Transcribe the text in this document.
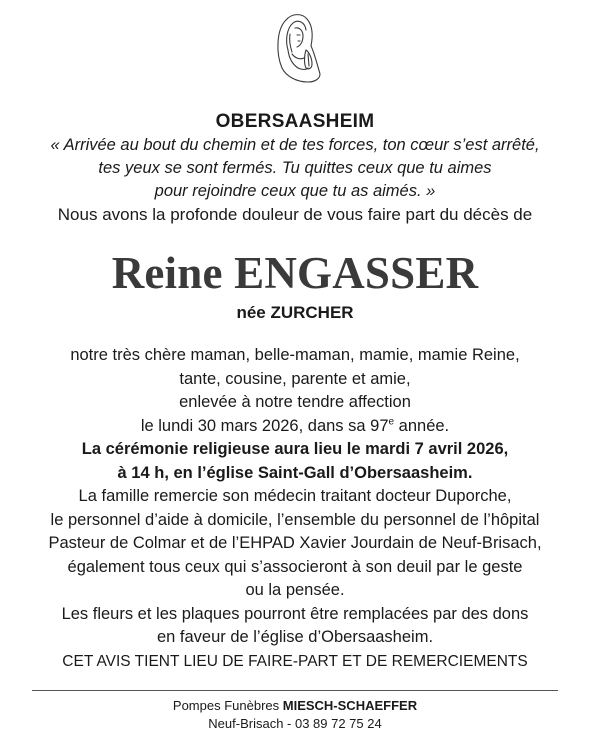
OBERSAASHEIM
« Arrivée au bout du chemin et de tes forces, ton cœur s’est arrêté,
tes yeux se sont fermés. Tu quittes ceux que tu aimes
pour rejoindre ceux que tu as aimés. »
Nous avons la profonde douleur de vous faire part du décès de
Reine ENGASSER
née ZURCHER
notre très chère maman, belle-maman, mamie, mamie Reine,
tante, cousine, parente et amie,
enlevée à notre tendre affection
le lundi 30 mars 2026, dans sa 97e année.
La cérémonie religieuse aura lieu le mardi 7 avril 2026,
à 14 h, en l’église Saint-Gall d’Obersaasheim.
La famille remercie son médecin traitant docteur Duporche,
le personnel d’aide à domicile, l’ensemble du personnel de l’hôpital
Pasteur de Colmar et de l’EHPAD Xavier Jourdain de Neuf-Brisach,
également tous ceux qui s’associeront à son deuil par le geste
ou la pensée.
Les fleurs et les plaques pourront être remplacées par des dons
en faveur de l’église d’Obersaasheim.
CET AVIS TIENT LIEU DE FAIRE-PART ET DE REMERCIEMENTS
Pompes Funèbres MIESCH-SCHAEFFER
Neuf-Brisach - 03 89 72 75 24
